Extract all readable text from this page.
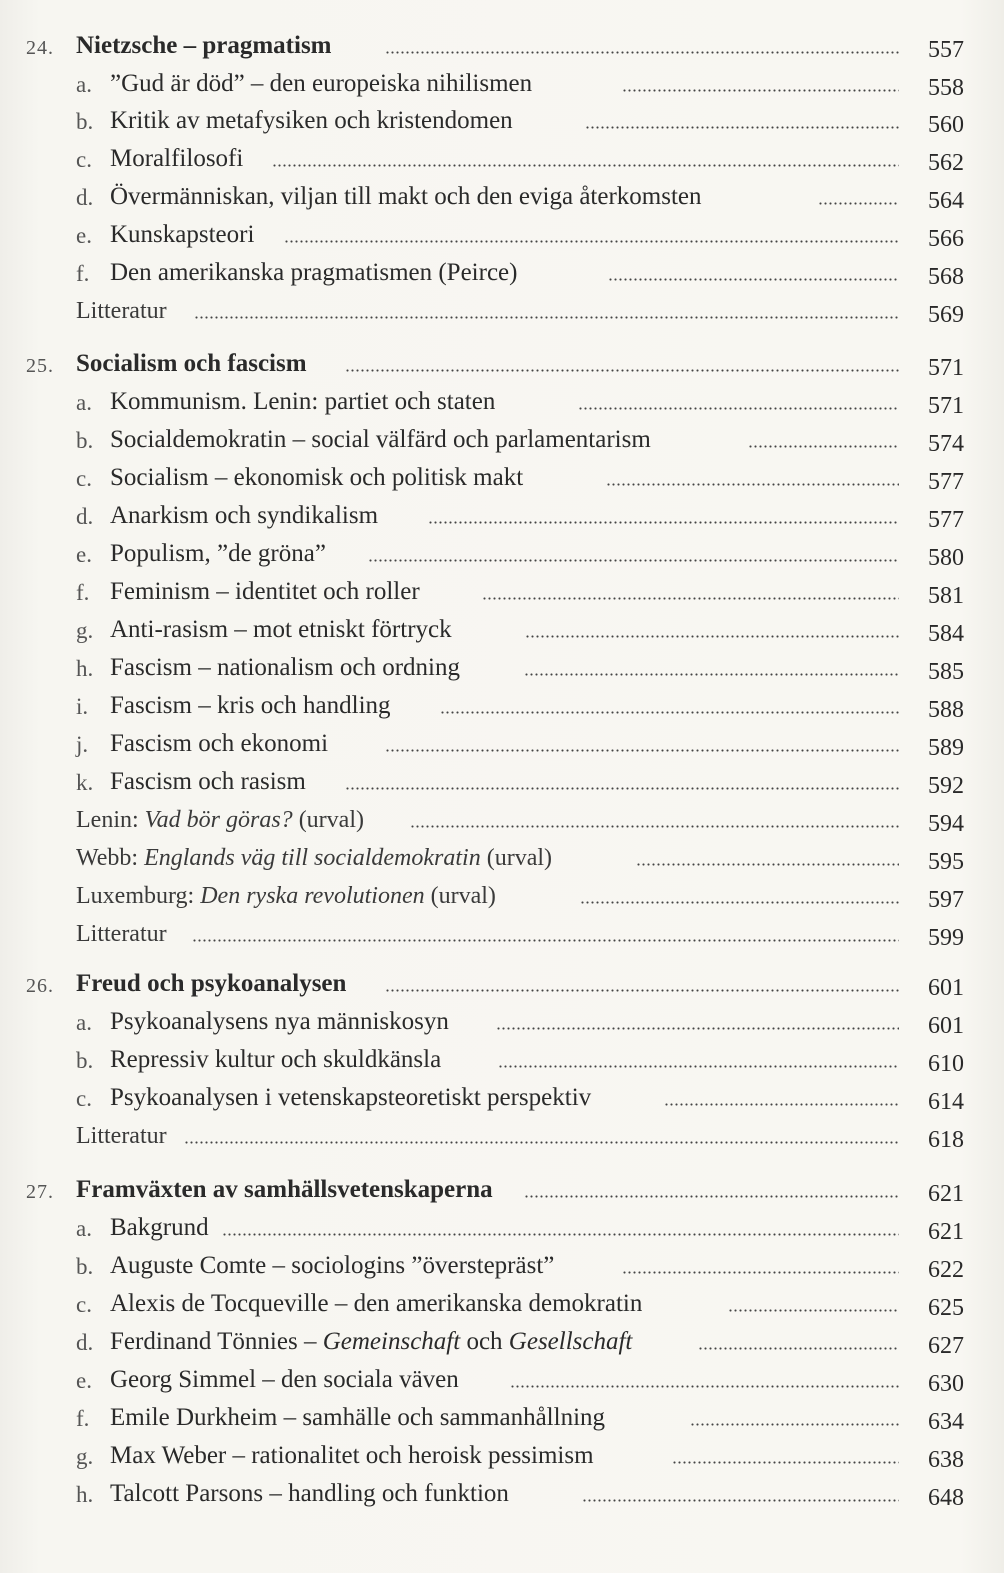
24. Nietzsche – pragmatism	557
a. ”Gud är död” – den europeiska nihilismen	558
b. Kritik av metafysiken och kristendomen	560
c. Moralfilosofi	562
d. Övermänniskan, viljan till makt och den eviga återkomsten	564
e. Kunskapsteori	566
f. Den amerikanska pragmatismen (Peirce)	568
Litteratur	569
25. Socialism och fascism	571
a. Kommunism. Lenin: partiet och staten	571
b. Socialdemokratin – social välfärd och parlamentarism	574
c. Socialism – ekonomisk och politisk makt	577
d. Anarkism och syndikalism	577
e. Populism, ”de gröna”	580
f. Feminism – identitet och roller	581
g. Anti-rasism – mot etniskt förtryck	584
h. Fascism – nationalism och ordning	585
i. Fascism – kris och handling	588
j. Fascism och ekonomi	589
k. Fascism och rasism	592
Lenin: Vad bör göras? (urval)	594
Webb: Englands väg till socialdemokratin (urval)	595
Luxemburg: Den ryska revolutionen (urval)	597
Litteratur	599
26. Freud och psykoanalysen	601
a. Psykoanalysens nya människosyn	601
b. Repressiv kultur och skuldkänsla	610
c. Psykoanalysen i vetenskapsteoretiskt perspektiv	614
Litteratur	618
27. Framväxten av samhällsvetenskaperna	621
a. Bakgrund	621
b. Auguste Comte – sociologins ”överstepräst”	622
c. Alexis de Tocqueville – den amerikanska demokratin	625
d. Ferdinand Tönnies – Gemeinschaft och Gesellschaft	627
e. Georg Simmel – den sociala väven	630
f. Emile Durkheim – samhälle och sammanhållning	634
g. Max Weber – rationalitet och heroisk pessimism	638
h. Talcott Parsons – handling och funktion	648
